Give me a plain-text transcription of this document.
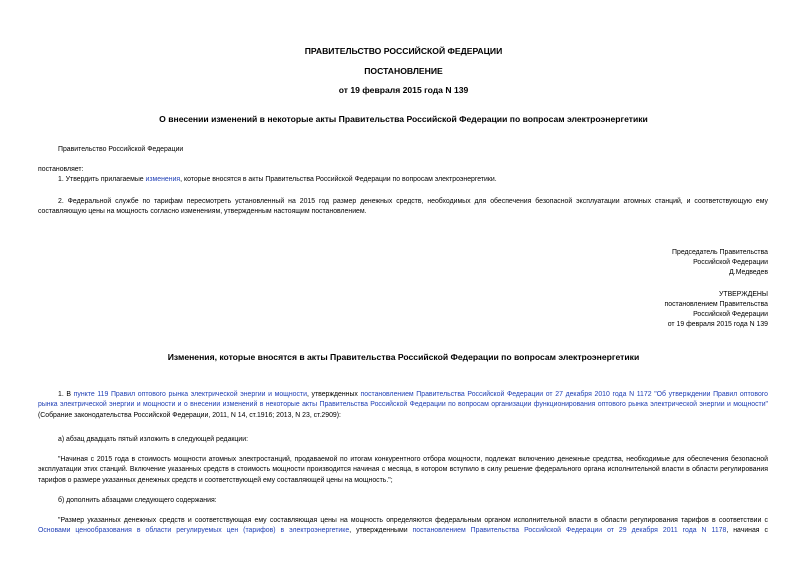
ПРАВИТЕЛЬСТВО РОССИЙСКОЙ ФЕДЕРАЦИИ
ПОСТАНОВЛЕНИЕ
от 19 февраля 2015 года N 139
О внесении изменений в некоторые акты Правительства Российской Федерации по вопросам электроэнергетики
Правительство Российской Федерации
постановляет:
1. Утвердить прилагаемые изменения, которые вносятся в акты Правительства Российской Федерации по вопросам электроэнергетики.
2. Федеральной службе по тарифам пересмотреть установленный на 2015 год размер денежных средств, необходимых для обеспечения безопасной эксплуатации атомных станций, и соответствующую ему составляющую цены на мощность согласно изменениям, утвержденным настоящим постановлением.
Председатель Правительства
Российской Федерации
Д.Медведев
УТВЕРЖДЕНЫ
постановлением Правительства
Российской Федерации
от 19 февраля 2015 года N 139
Изменения, которые вносятся в акты Правительства Российской Федерации по вопросам электроэнергетики
1. В пункте 119 Правил оптового рынка электрической энергии и мощности, утвержденных постановлением Правительства Российской Федерации от 27 декабря 2010 года N 1172 "Об утверждении Правил оптового рынка электрической энергии и мощности и о внесении изменений в некоторые акты Правительства Российской Федерации по вопросам организации функционирования оптового рынка электрической энергии и мощности" (Собрание законодательства Российской Федерации, 2011, N 14, ст.1916; 2013, N 23, ст.2909):
а) абзац двадцать пятый изложить в следующей редакции:
"Начиная с 2015 года в стоимость мощности атомных электростанций, продаваемой по итогам конкурентного отбора мощности, подлежат включению денежные средства, необходимые для обеспечения безопасной эксплуатации этих станций. Включение указанных средств в стоимость мощности производится начиная с месяца, в котором вступило в силу решение федерального органа исполнительной власти в области регулирования тарифов о размере указанных денежных средств и соответствующей ему составляющей цены на мощность.";
б) дополнить абзацами следующего содержания:
"Размер указанных денежных средств и соответствующая ему составляющая цены на мощность определяются федеральным органом исполнительной власти в области регулирования тарифов в соответствии с
Основами ценообразования в области регулируемых цен (тарифов) в электроэнергетике, утвержденными постановлением Правительства Российской Федерации от 29 декабря 2011 года N 1178, начиная с
